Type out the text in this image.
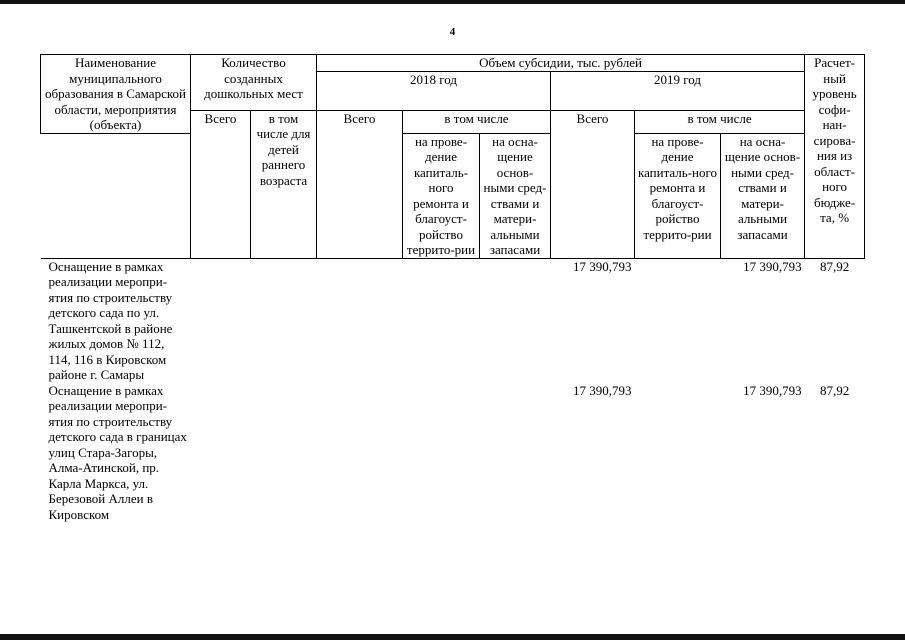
4
Наименование муниципального образования в Самарской области, мероприятия (объекта)	Количество созданных дошкольных мест		Объем субсидии, тыс. рублей						Расчет-ный уровень софи-нан-сирова-ния из област-ного бюдже-та, %
			2018 год			2019 год			
	Всего	в том числе для детей раннего возраста	Всего	в том числе		Всего	в том числе		
				на прове-дение капиталь-ного ремонта и благоуст-ройство террито-рии	на осна-щение основ-ными сред-ствами и матери-альными запасами		на прове-дение капиталь-ного ремонта и благоуст-ройство террито-рии	на осна-щение основ-ными сред-ствами и матери-альными запасами	
Оснащение в рамках реализации меропри-ятия по строительству детского сада по ул. Ташкентской в районе жилых домов № 112, 114, 116 в Кировском районе г. Самары						17 390,793		17 390,793	87,92
Оснащение в рамках реализации меропри-ятия по строительству детского сада в границах улиц Стара-Загоры, Алма-Атинской, пр. Карла Маркса, ул. Березовой Аллеи в Кировском						17 390,793		17 390,793	87,92
